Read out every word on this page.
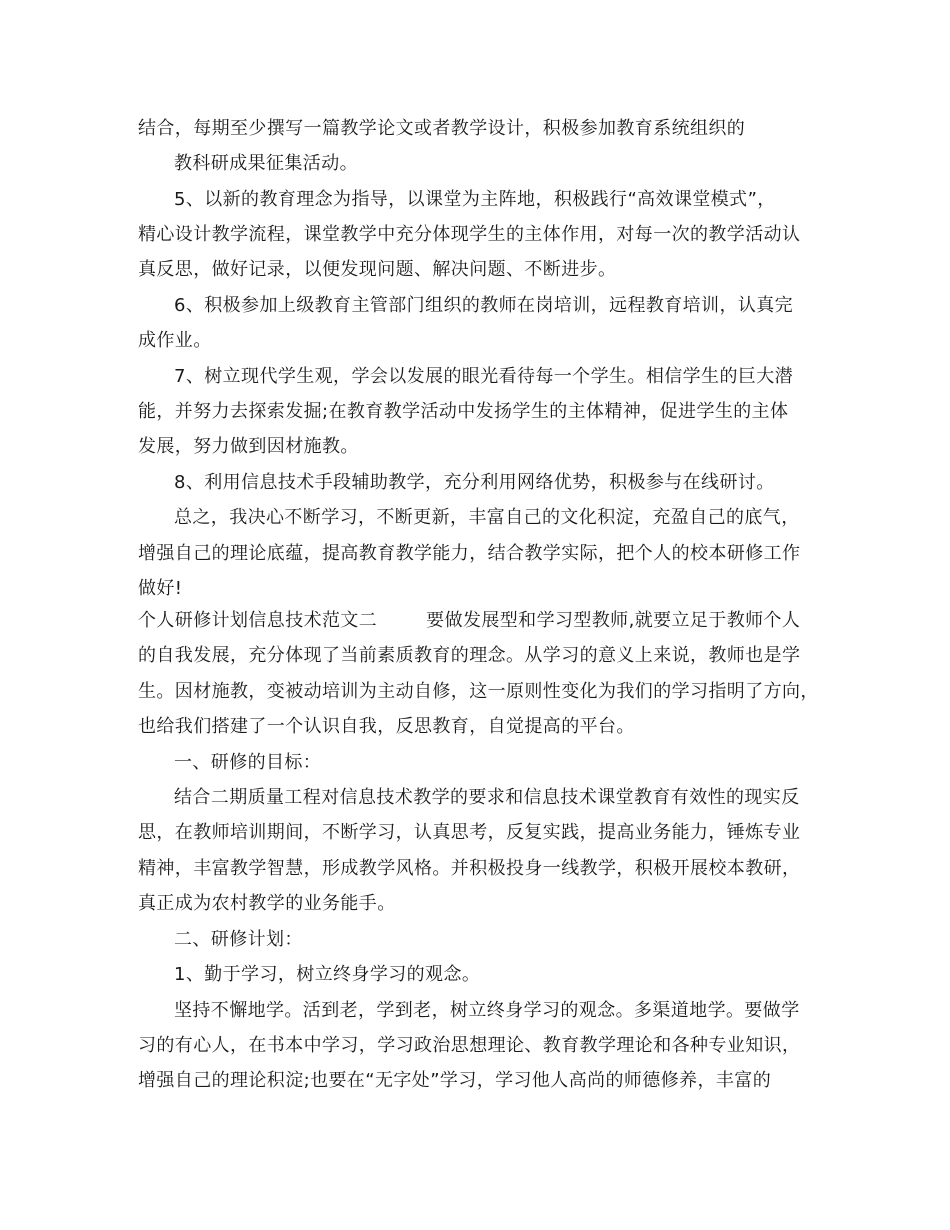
结合，每期至少撰写一篇教学论文或者教学设计，积极参加教育系统组织的
教科研成果征集活动。
5、以新的教育理念为指导，以课堂为主阵地，积极践行“高效课堂模式”，
精心设计教学流程，课堂教学中充分体现学生的主体作用，对每一次的教学活动认
真反思，做好记录，以便发现问题、解决问题、不断进步。
6、积极参加上级教育主管部门组织的教师在岗培训，远程教育培训，认真完
成作业。
7、树立现代学生观，学会以发展的眼光看待每一个学生。相信学生的巨大潜
能，并努力去探索发掘;在教育教学活动中发扬学生的主体精神，促进学生的主体
发展，努力做到因材施教。
8、利用信息技术手段辅助教学，充分利用网络优势，积极参与在线研讨。
总之，我决心不断学习，不断更新，丰富自己的文化积淀，充盈自己的底气，
增强自己的理论底蕴，提高教育教学能力，结合教学实际，把个人的校本研修工作
做好!
个人研修计划信息技术范文二        要做发展型和学习型教师,就要立足于教师个人
的自我发展，充分体现了当前素质教育的理念。从学习的意义上来说，教师也是学
生。因材施教，变被动培训为主动自修，这一原则性变化为我们的学习指明了方向，
也给我们搭建了一个认识自我，反思教育，自觉提高的平台。
一、研修的目标：
结合二期质量工程对信息技术教学的要求和信息技术课堂教育有效性的现实反
思，在教师培训期间，不断学习，认真思考，反复实践，提高业务能力，锤炼专业
精神，丰富教学智慧，形成教学风格。并积极投身一线教学，积极开展校本教研，
真正成为农村教学的业务能手。
二、研修计划：
1、勤于学习，树立终身学习的观念。
坚持不懈地学。活到老，学到老，树立终身学习的观念。多渠道地学。要做学
习的有心人，在书本中学习，学习政治思想理论、教育教学理论和各种专业知识，
增强自己的理论积淀;也要在“无字处”学习，学习他人高尚的师德修养，丰富的
